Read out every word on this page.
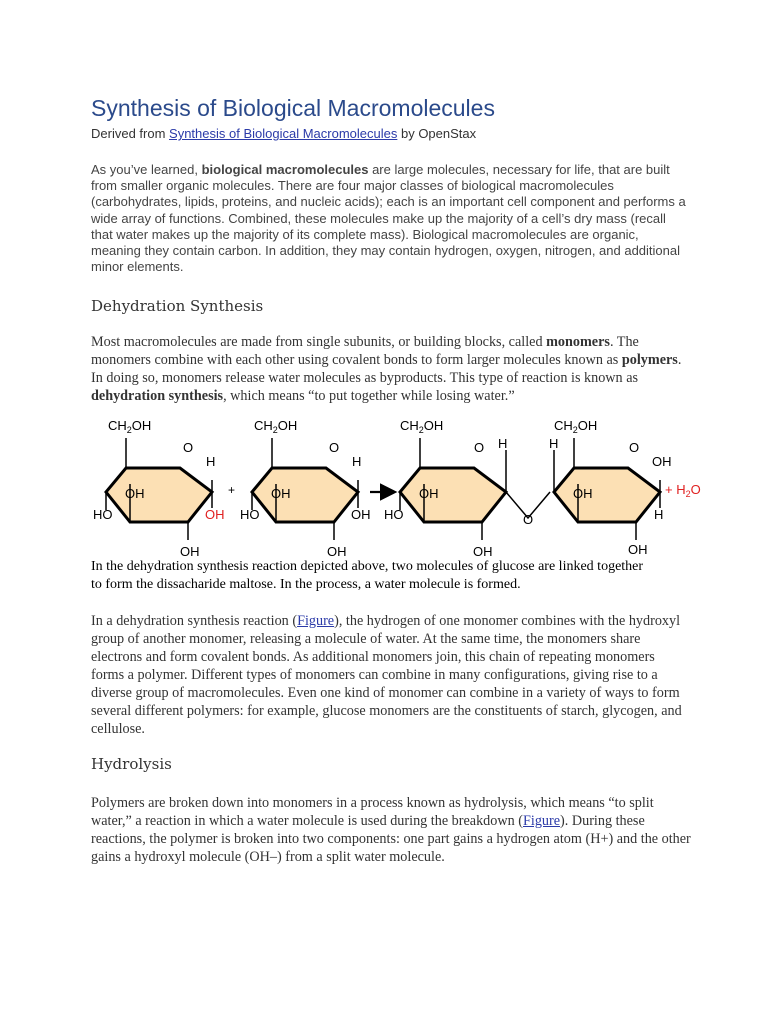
Synthesis of Biological Macromolecules

Derived from Synthesis of Biological Macromolecules by OpenStax

As you’ve learned, biological macromolecules are large molecules, necessary for life, that are built from smaller organic molecules. There are four major classes of biological macromolecules (carbohydrates, lipids, proteins, and nucleic acids); each is an important cell component and performs a wide array of functions. Combined, these molecules make up the majority of a cell’s dry mass (recall that water makes up the majority of its complete mass). Biological macromolecules are organic, meaning they contain carbon. In addition, they may contain hydrogen, oxygen, nitrogen, and additional minor elements.

Dehydration Synthesis

Most macromolecules are made from single subunits, or building blocks, called monomers. The monomers combine with each other using covalent bonds to form larger molecules known as polymers. In doing so, monomers release water molecules as byproducts. This type of reaction is known as dehydration synthesis, which means “to put together while losing water.”

$CH_2OH$
O
H
OH
HO	OH
OH
+
$CH_2OH$
O
H
OH
HO	OH
OH
$CH_2OH$
O H
OH
HO
OH
O
$CH_2OH$
H	O
OH
OH
H
OH
+ $H_2O$
In the dehydration synthesis reaction depicted above, two molecules of glucose are linked together to form the dissacharide maltose. In the process, a water molecule is formed.

In a dehydration synthesis reaction (Figure), the hydrogen of one monomer combines with the hydroxyl group of another monomer, releasing a molecule of water. At the same time, the monomers share electrons and form covalent bonds. As additional monomers join, this chain of repeating monomers forms a polymer. Different types of monomers can combine in many configurations, giving rise to a diverse group of macromolecules. Even one kind of monomer can combine in a variety of ways to form several different polymers: for example, glucose monomers are the constituents of starch, glycogen, and cellulose.

Hydrolysis

Polymers are broken down into monomers in a process known as hydrolysis, which means “to split water,” a reaction in which a water molecule is used during the breakdown (Figure). During these reactions, the polymer is broken into two components: one part gains a hydrogen atom (H+) and the other gains a hydroxyl molecule (OH–) from a split water molecule.
